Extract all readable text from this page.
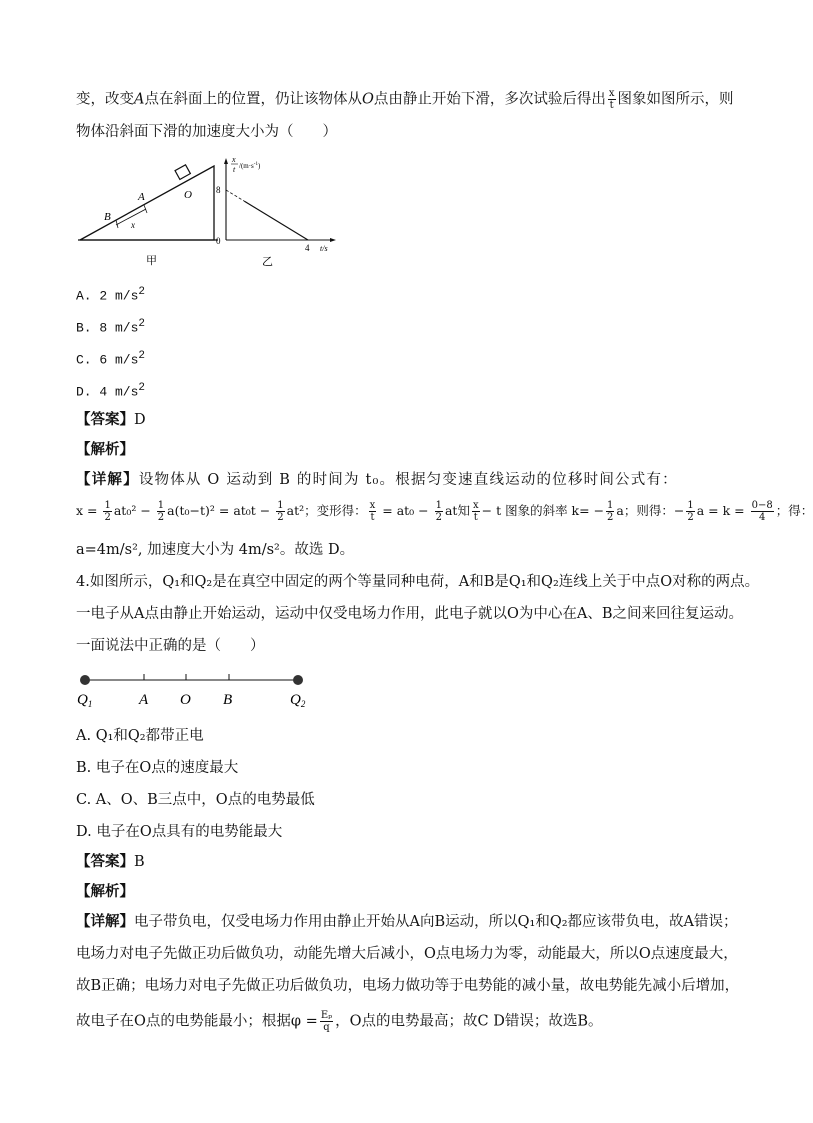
变，改变A点在斜面上的位置，仍让该物体从O点由静止开始下滑，多次试验后得出 $\frac{x}{t}$ 图象如图所示，则
物体沿斜面下滑的加速度大小为（　　）
A
B
O
x
甲
x
t $/(m\cdot s^{-1})$
8
0
4 t/s
乙
A. 2 $m/s^2$
B. 8 $m/s^2$
C. 6 $m/s^2$
D. 4 $m/s^2$
【答案】D
【解析】
【详解】设物体从 O 运动到 B 的时间为 t₀。根据匀变速直线运动的位移时间公式有：
$x = \frac{1}{2} at_0^2 - \frac{1}{2} a(t_0-t)^2 = at_0t - \frac{1}{2} at^2$；变形得： $\frac{x}{t} = at_0 - \frac{1}{2}$ at知 $\frac{x}{t} - t$ 图象的斜率 $k= - \frac{1}{2}$ a；则得：− $\frac{1}{2}$ $a = k = \frac{0-8}{4}$ ；得：
a=4m/s², 加速度大小为 4m/s²。故选 D。
4.如图所示，Q₁和Q₂是在真空中固定的两个等量同种电荷，A和B是Q₁和Q₂连线上关于中点O对称的两点。
一电子从A点由静止开始运动，运动中仅受电场力作用，此电子就以O为中心在A、B之间来回往复运动。
一面说法中正确的是（　　）
$Q_1$	A O B	$Q_2$
A. Q₁和Q₂都带正电
B. 电子在O点的速度最大
C. A、O、B三点中，O点的电势最低
D. 电子在O点具有的电势能最大
【答案】B
【解析】
【详解】电子带负电，仅受电场力作用由静止开始从A向B运动，所以Q₁和Q₂都应该带负电，故A错误；
电场力对电子先做正功后做负功，动能先增大后减小，O点电场力为零，动能最大，所以O点速度最大，
故B正确；电场力对电子先做正功后做负功，电场力做功等于电势能的减小量，故电势能先减小后增加，
故电子在O点的电势能最小；根据$\varphi = \frac{\text{Eₚ}}{q}$ ，O点的电势最高；故C D错误；故选B。
